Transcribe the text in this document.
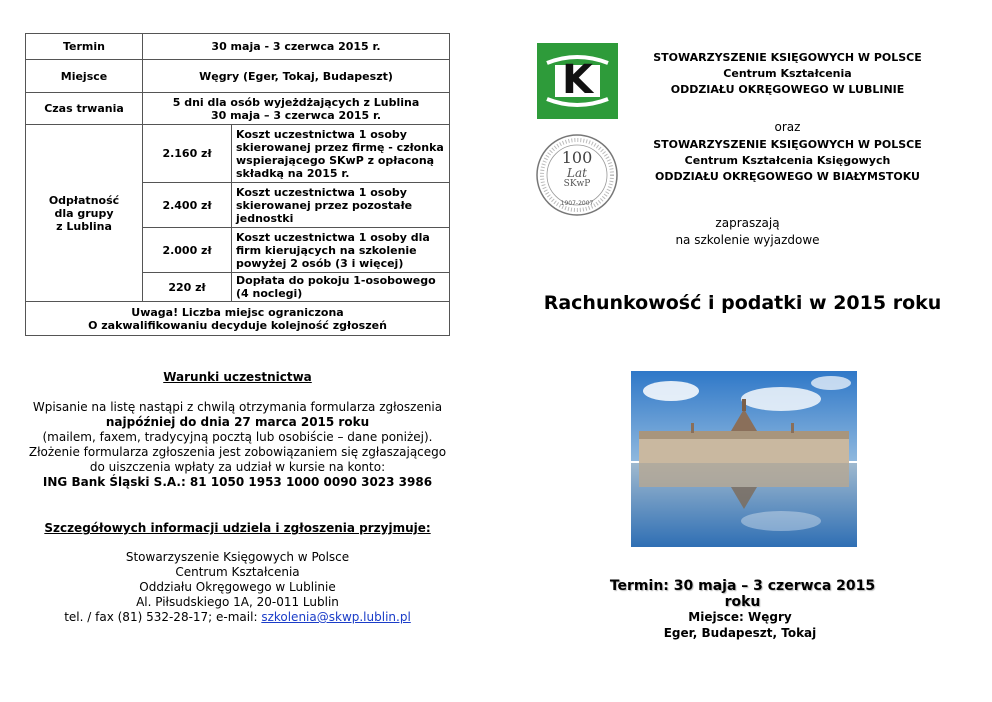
Termin	30 maja - 3 czerwca 2015 r.	
Miejsce	Węgry (Eger, Tokaj, Budapeszt)	
Czas trwania	5 dni dla osób wyjeżdżających z Lublina
30 maja – 3 czerwca 2015 r.	

Odpłatność
dla grupy
z Lublina	2.160 zł	Koszt uczestnictwa 1 osoby skierowanej przez firmę - członka wspierającego SKwP z opłaconą składką na 2015 r.
	2.400 zł	Koszt uczestnictwa 1 osoby skierowanej przez pozostałe jednostki
	2.000 zł	Koszt uczestnictwa 1 osoby dla firm kierujących na szkolenie powyżej 2 osób (3 i więcej)
	220 zł	Dopłata do pokoju 1-osobowego (4 noclegi)

Uwaga! Liczba miejsc ograniczona
O zakwalifikowaniu decyduje kolejność zgłoszeń		
Warunki uczestnictwa
Wpisanie na listę nastąpi z chwilą otrzymania formularza zgłoszenia
najpóźniej do dnia 27 marca 2015 roku
(mailem, faxem, tradycyjną pocztą lub osobiście – dane poniżej).
Złożenie formularza zgłoszenia jest zobowiązaniem się zgłaszającego
do uiszczenia wpłaty za udział w kursie na konto:
ING Bank Śląski S.A.: 81 1050 1953 1000 0090 3023 3986
Szczegółowych informacji udziela i zgłoszenia przyjmuje:
Stowarzyszenie Księgowych w Polsce
Centrum Kształcenia
Oddziału Okręgowego w Lublinie
Al. Piłsudskiego 1A, 20-011 Lublin
tel. / fax (81) 532-28-17; e-mail: szkolenia@skwp.lublin.pl
K
100
Lat
SKwP
1907-2007
STOWARZYSZENIE KSIĘGOWYCH W POLSCE
Centrum Kształcenia
ODDZIAŁU OKRĘGOWEGO W LUBLINIE
oraz
STOWARZYSZENIE KSIĘGOWYCH W POLSCE
Centrum Kształcenia Księgowych
ODDZIAŁU OKRĘGOWEGO W BIAŁYMSTOKU
zapraszają
na szkolenie wyjazdowe
Rachunkowość i podatki w 2015 roku
Termin: 30 maja – 3 czerwca 2015 roku
Miejsce: Węgry
Eger, Budapeszt, Tokaj
